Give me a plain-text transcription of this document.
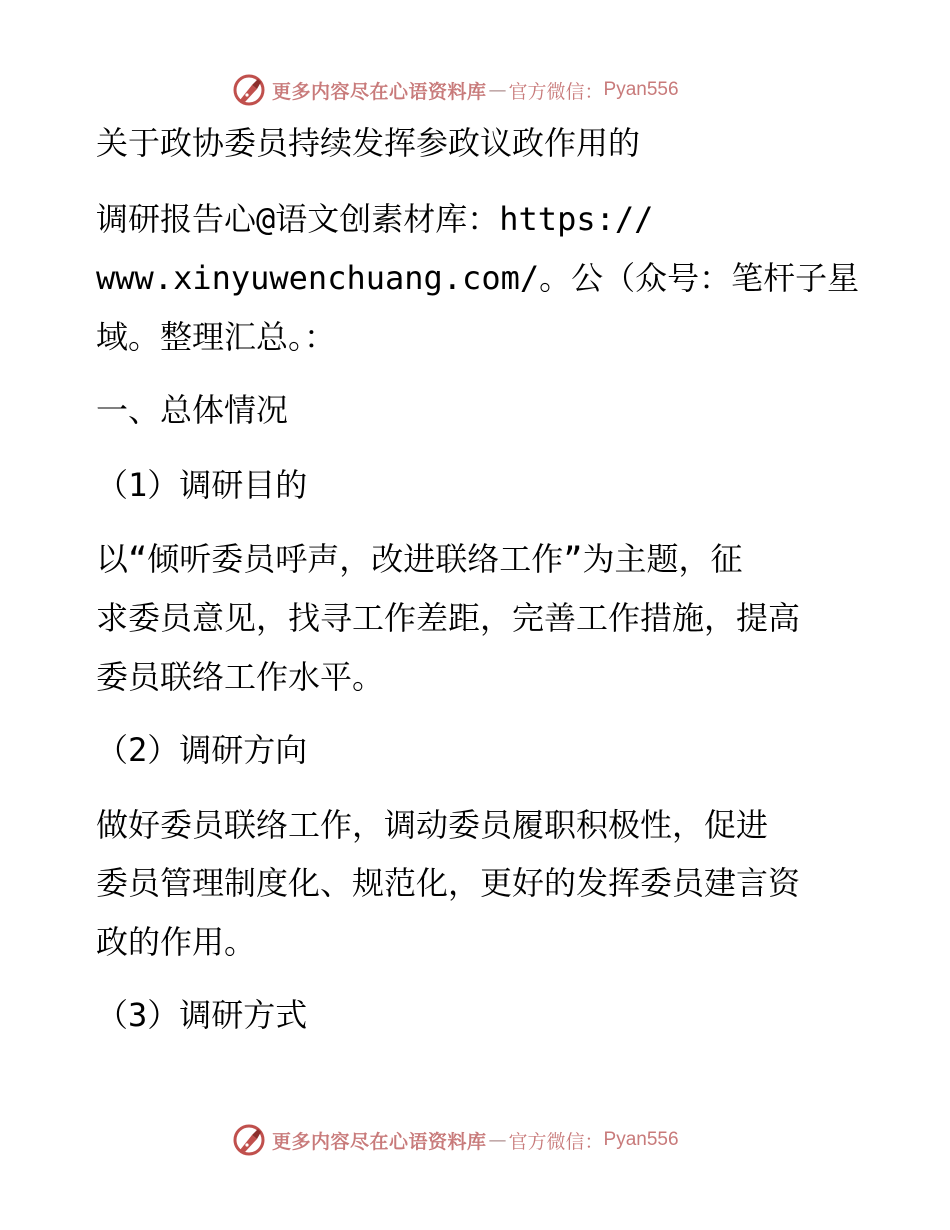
更多内容尽在心语资料库 — 官方微信： Pyan556
关于政协委员持续发挥参政议政作用的
调研报告心@语文创素材库：https://
www.xinyuwenchuang.com/。公（众号：笔杆子星
域。整理汇总。：
一、总体情况
（1）调研目的
以“倾听委员呼声，改进联络工作”为主题，征
求委员意见，找寻工作差距，完善工作措施，提高
委员联络工作水平。
（2）调研方向
做好委员联络工作，调动委员履职积极性，促进
委员管理制度化、规范化，更好的发挥委员建言资
政的作用。
（3）调研方式
更多内容尽在心语资料库 — 官方微信： Pyan556
